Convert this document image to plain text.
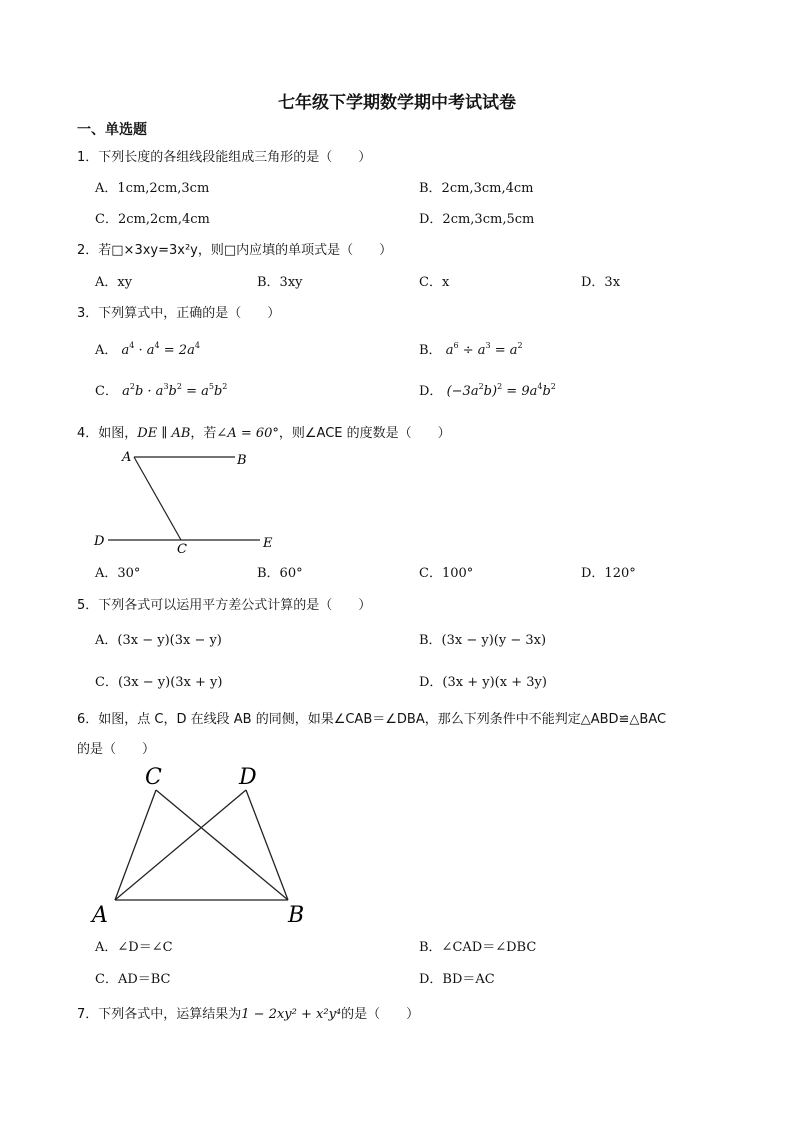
七年级下学期数学期中考试试卷
一、单选题
1．下列长度的各组线段能组成三角形的是（　　）
A．1cm,2cm,3cm	B．2cm,3cm,4cm
C．2cm,2cm,4cm	D．2cm,3cm,5cm
2．若□×3xy=3x²y，则□内应填的单项式是（　　）
A．xy	B．3xy	C．x	D．3x
3．下列算式中，正确的是（　　）
A． $a^4 \cdot a^4 = 2a^4$	B． $a^6 \div a^3 = a^2$
C． $a^2b \cdot a^3b^2 = a^5b^2$	D． $(-3a^2b)^2 = 9a^4b^2$
4．如图，DE ∥ AB，若∠A = 60°，则∠ACE 的度数是（　　）
A	B
D
C	E
A．30°	B．60°	C．100°	D．120°
5．下列各式可以运用平方差公式计算的是（　　）
A．(3x − y)(3x − y)	B．(3x − y)(y − 3x)
C．(3x − y)(3x + y)	D．(3x + y)(x + 3y)
6．如图，点 C，D 在线段 AB 的同侧，如果∠CAB＝∠DBA，那么下列条件中不能判定△ABD≌△BAC
的是（　　）
C	D
A	B
A．∠D＝∠C	B．∠CAD＝∠DBC
C．AD＝BC	D．BD＝AC
7．下列各式中，运算结果为1 − 2xy² + x²y⁴的是（　　）
